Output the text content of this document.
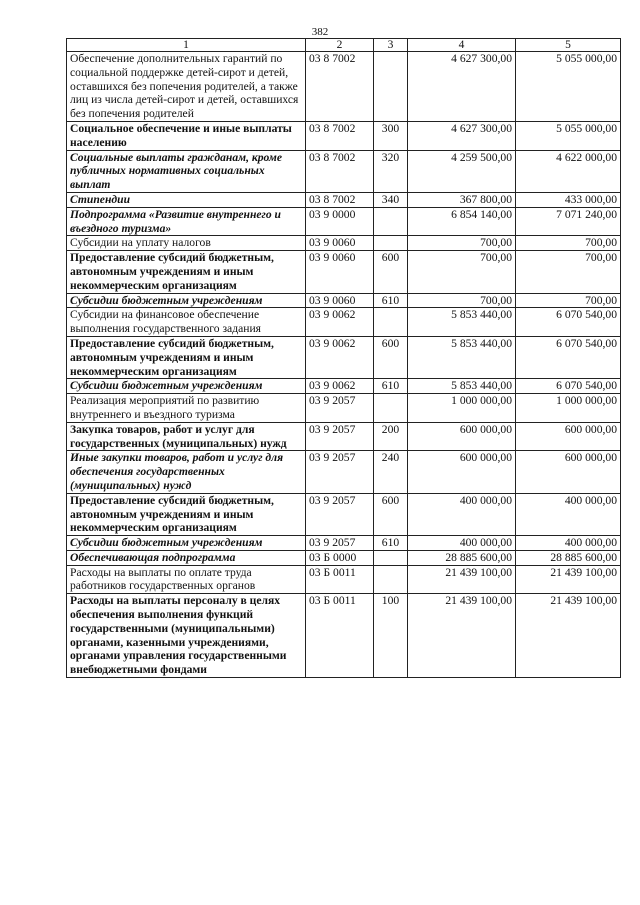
382
1	2	3	4	5
Обеспечение дополнительных гарантий по социальной поддержке детей-сирот и детей, оставшихся без попечения родителей, а также лиц из числа детей-сирот и детей, оставшихся без попечения родителей	03 8 7002		4 627 300,00	5 055 000,00
Социальное обеспечение и иные выплаты населению	03 8 7002	300	4 627 300,00	5 055 000,00
Социальные выплаты гражданам, кроме публичных нормативных социальных выплат	03 8 7002	320	4 259 500,00	4 622 000,00
Стипендии	03 8 7002	340	367 800,00	433 000,00
Подпрограмма «Развитие внутреннего и въездного туризма»	03 9 0000		6 854 140,00	7 071 240,00
Субсидии на уплату налогов	03 9 0060		700,00	700,00
Предоставление субсидий бюджетным, автономным учреждениям и иным некоммерческим организациям	03 9 0060	600	700,00	700,00
Субсидии бюджетным учреждениям	03 9 0060	610	700,00	700,00
Субсидии на финансовое обеспечение выполнения государственного задания	03 9 0062		5 853 440,00	6 070 540,00
Предоставление субсидий бюджетным, автономным учреждениям и иным некоммерческим организациям	03 9 0062	600	5 853 440,00	6 070 540,00
Субсидии бюджетным учреждениям	03 9 0062	610	5 853 440,00	6 070 540,00
Реализация мероприятий по развитию внутреннего и въездного туризма	03 9 2057		1 000 000,00	1 000 000,00
Закупка товаров, работ и услуг для государственных (муниципальных) нужд	03 9 2057	200	600 000,00	600 000,00
Иные закупки товаров, работ и услуг для обеспечения государственных (муниципальных) нужд	03 9 2057	240	600 000,00	600 000,00
Предоставление субсидий бюджетным, автономным учреждениям и иным некоммерческим организациям	03 9 2057	600	400 000,00	400 000,00
Субсидии бюджетным учреждениям	03 9 2057	610	400 000,00	400 000,00
Обеспечивающая подпрограмма	03 Б 0000		28 885 600,00	28 885 600,00
Расходы на выплаты по оплате труда работников государственных органов	03 Б 0011		21 439 100,00	21 439 100,00
Расходы на выплаты персоналу в целях обеспечения выполнения функций государственными (муниципальными) органами, казенными учреждениями, органами управления государственными внебюджетными фондами	03 Б 0011	100	21 439 100,00	21 439 100,00
